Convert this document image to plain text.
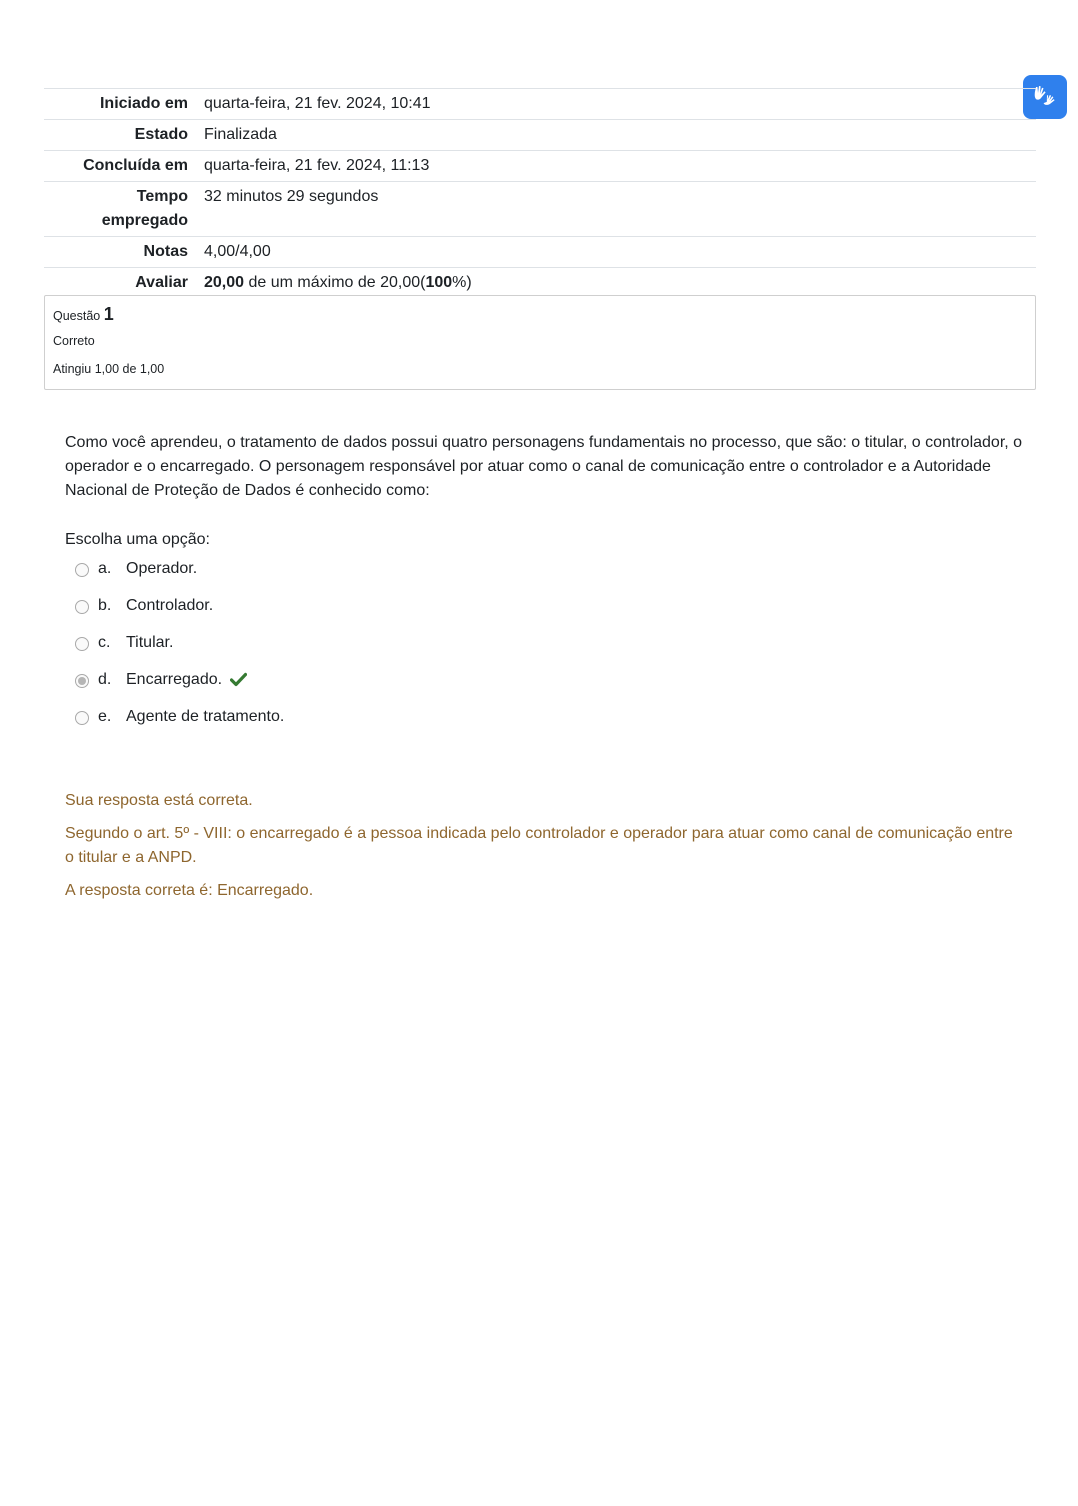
Iniciado em	quarta-feira, 21 fev. 2024, 10:41
Estado	Finalizada
Concluída em	quarta-feira, 21 fev. 2024, 11:13
Tempo
empregado	32 minutos 29 segundos
Notas	4,00/4,00
Avaliar	20,00 de um máximo de 20,00(100%)
Questão 1
Correto
Atingiu 1,00 de 1,00
Como você aprendeu, o tratamento de dados possui quatro personagens fundamentais no processo, que são: o titular, o controlador, o operador e o encarregado. O personagem responsável por atuar como o canal de comunicação entre o controlador e a Autoridade Nacional de Proteção de Dados é conhecido como:
Escolha uma opção:
a. Operador.
b. Controlador.
c. Titular.
d. Encarregado.
e. Agente de tratamento.

Sua resposta está correta.

Segundo o art. 5º - VIII: o encarregado é a pessoa indicada pelo controlador e operador para atuar como canal de comunicação entre o titular e a ANPD.

A resposta correta é: Encarregado.
